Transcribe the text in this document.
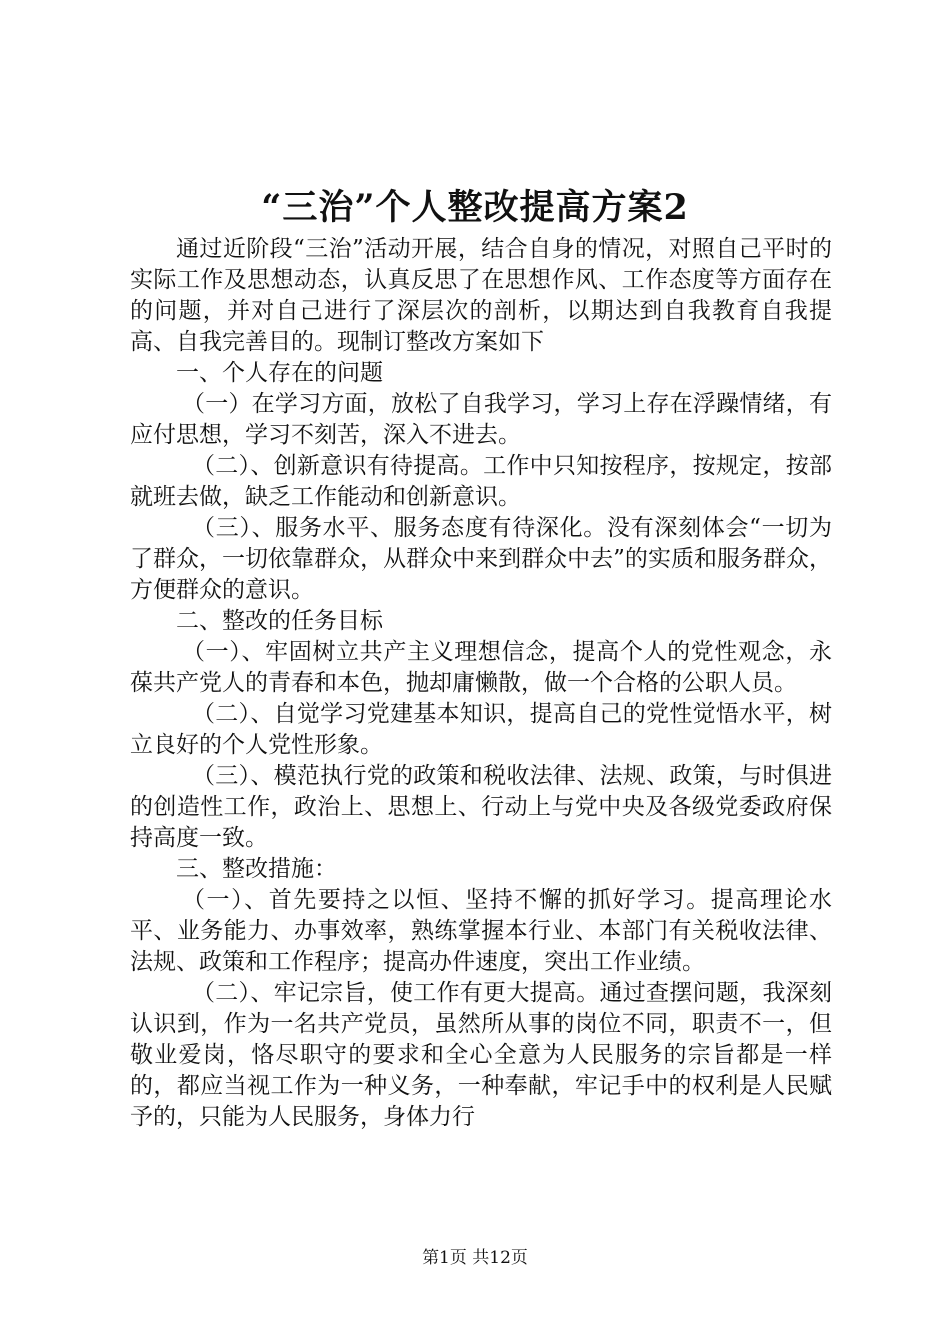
“三治”个人整改提高方案2

通过近阶段“三治”活动开展，结合自身的情况，对照自己平时的实际工作及思想动态，认真反思了在思想作风、工作态度等方面存在的问题，并对自己进行了深层次的剖析，以期达到自我教育自我提高、自我完善目的。现制订整改方案如下

一、个人存在的问题

（一）在学习方面，放松了自我学习，学习上存在浮躁情绪，有应付思想，学习不刻苦，深入不进去。

（二）、创新意识有待提高。工作中只知按程序，按规定，按部就班去做，缺乏工作能动和创新意识。

（三）、服务水平、服务态度有待深化。没有深刻体会“一切为了群众，一切依靠群众，从群众中来到群众中去”的实质和服务群众，方便群众的意识。

二、整改的任务目标

（一）、牢固树立共产主义理想信念，提高个人的党性观念，永葆共产党人的青春和本色，抛却庸懒散，做一个合格的公职人员。

（二）、自觉学习党建基本知识，提高自己的党性觉悟水平，树立良好的个人党性形象。

（三）、模范执行党的政策和税收法律、法规、政策，与时俱进的创造性工作，政治上、思想上、行动上与党中央及各级党委政府保持高度一致。

三、整改措施：

（一）、首先要持之以恒、坚持不懈的抓好学习。提高理论水平、业务能力、办事效率，熟练掌握本行业、本部门有关税收法律、法规、政策和工作程序；提高办件速度，突出工作业绩。

（二）、牢记宗旨，使工作有更大提高。通过查摆问题，我深刻认识到，作为一名共产党员，虽然所从事的岗位不同，职责不一，但敬业爱岗，恪尽职守的要求和全心全意为人民服务的宗旨都是一样的，都应当视工作为一种义务，一种奉献，牢记手中的权利是人民赋予的，只能为人民服务，身体力行

第1页 共12页
